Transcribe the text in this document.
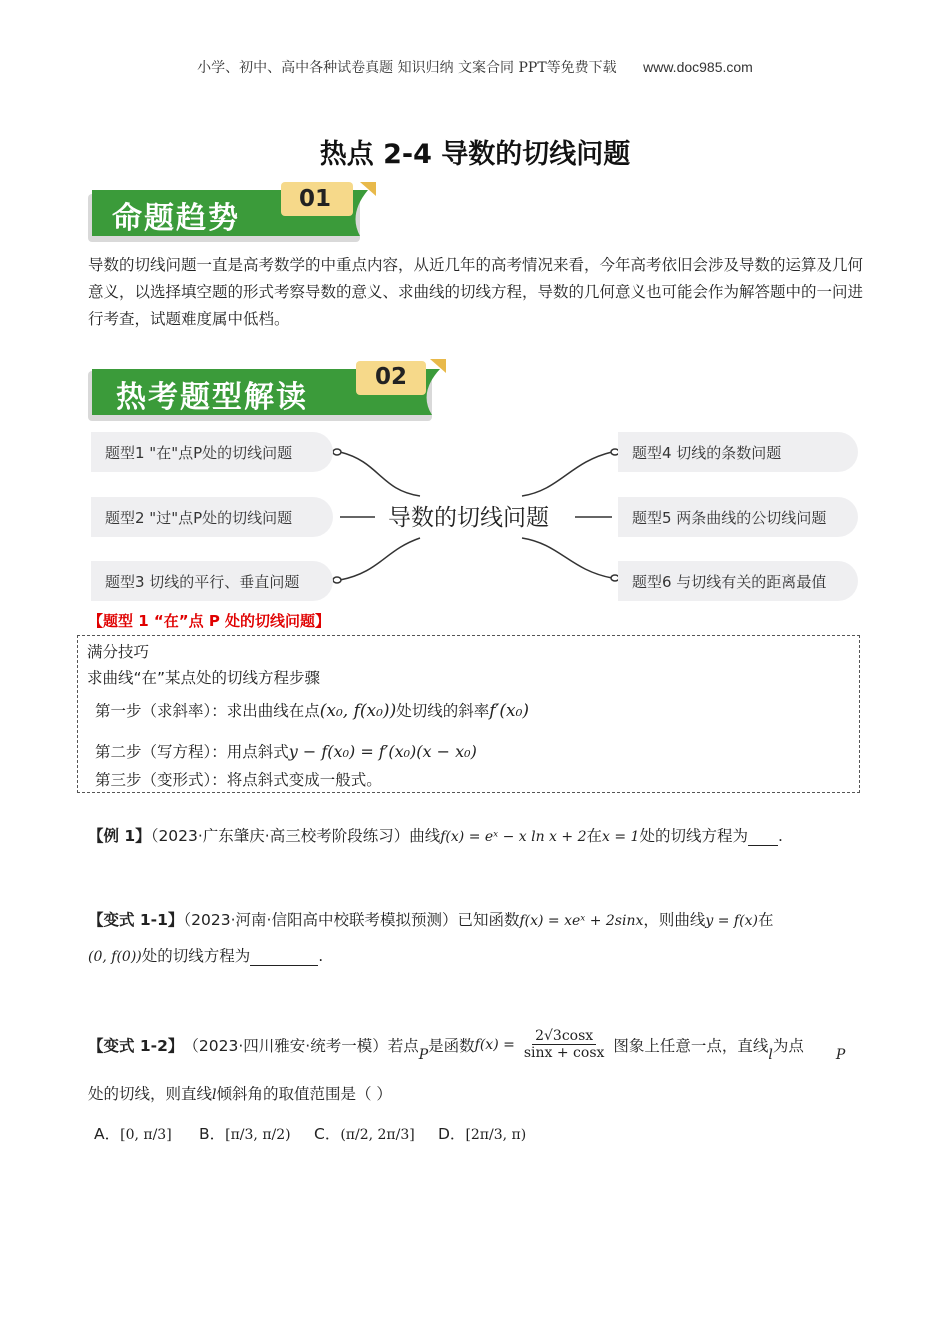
小学、初中、高中各种试卷真题 知识归纳 文案合同 PPT等免费下载 www.doc985.com
热点 2-4 导数的切线问题
命题趋势
01
导数的切线问题一直是高考数学的中重点内容，从近几年的高考情况来看，今年高考依旧会涉及导数的运算及几何意义，以选择填空题的形式考察导数的意义、求曲线的切线方程，导数的几何意义也可能会作为解答题中的一问进行考查，试题难度属中低档。
热考题型解读
02
题型1 "在"点P处的切线问题
题型2 "过"点P处的切线问题
题型3 切线的平行、垂直问题
题型4 切线的条数问题
题型5 两条曲线的公切线问题
题型6 与切线有关的距离最值
导数的切线问题
【题型 1 “在”点 P 处的切线问题】
满分技巧
求曲线“在”某点处的切线方程步骤
第一步（求斜率）：求出曲线在点(x₀, f(x₀))处切线的斜率f′(x₀)
第二步（写方程）：用点斜式y − f(x₀) = f′(x₀)(x − x₀)
第三步（变形式）：将点斜式变成一般式。
【例 1】（2023·广东肇庆·高三校考阶段练习）曲线f(x) = eˣ − x ln x + 2在x = 1处的切线方程为 .
【变式 1-1】（2023·河南·信阳高中校联考模拟预测）已知函数f(x) = xeˣ + 2sinx，则曲线y = f(x)在
(0, f(0))处的切线方程为	.
【变式 1-2】 （2023·四川雅安·统考一模）若点 P 是函数 $f(x) = \frac{2√3\cos x}{\sin x + \cos x}$ 图象上任意一点，直线 l 为点 P
处的切线，则直线l倾斜角的取值范围是（ ）
A．[0, π/3] B．[π/3, π/2) C．(π/2, 2π/3] D．[2π/3, π)
